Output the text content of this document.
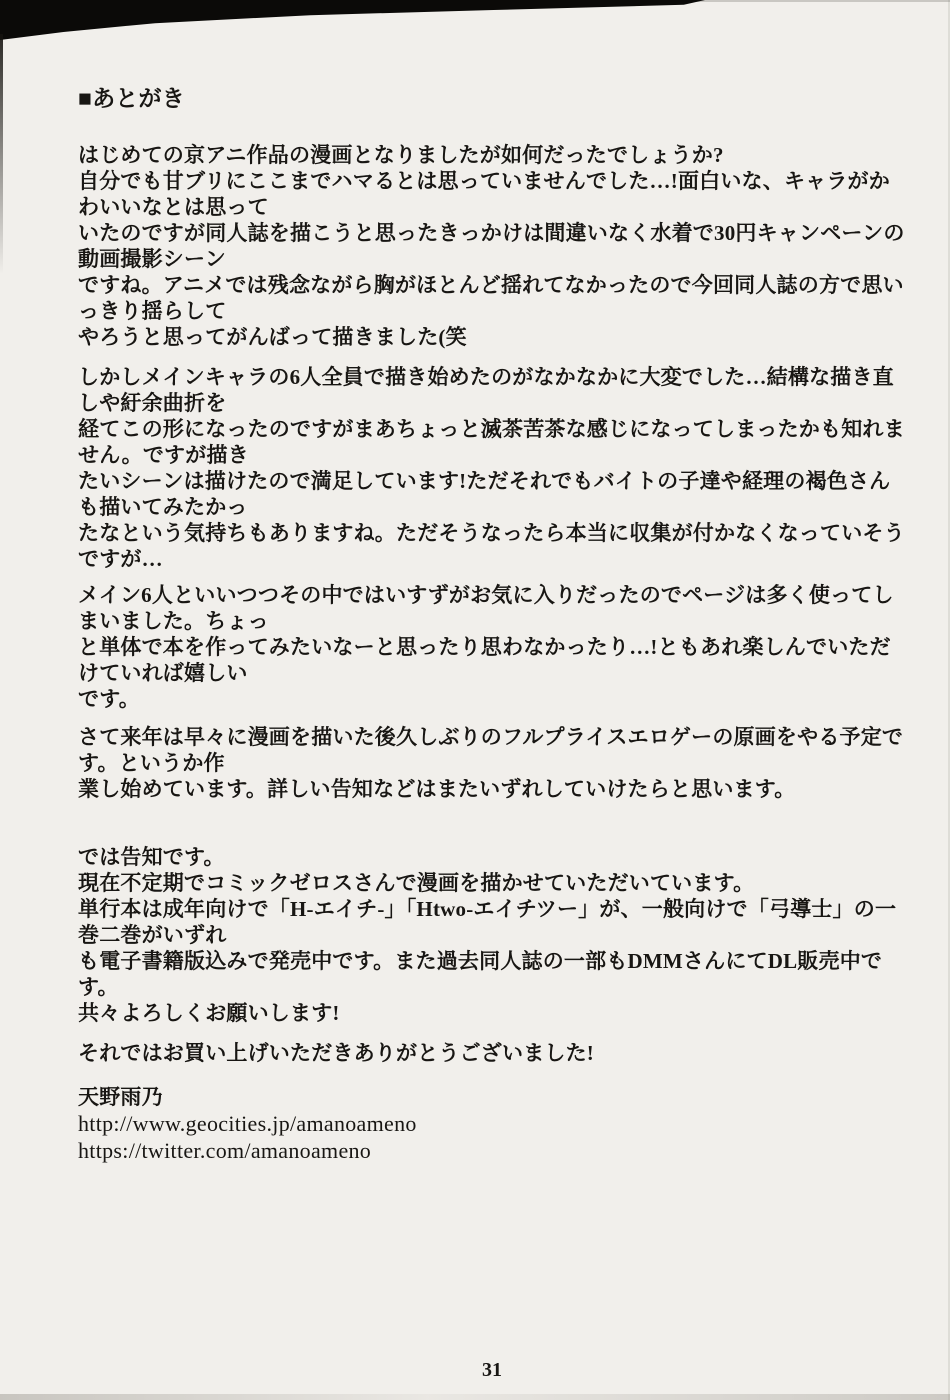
■あとがき
はじめての京アニ作品の漫画となりましたが如何だったでしょうか?
自分でも甘ブリにここまでハマるとは思っていませんでした…!面白いな、キャラがかわいいなとは思って
いたのですが同人誌を描こうと思ったきっかけは間違いなく水着で30円キャンペーンの動画撮影シーン
ですね。アニメでは残念ながら胸がほとんど揺れてなかったので今回同人誌の方で思いっきり揺らして
やろうと思ってがんばって描きました(笑
しかしメインキャラの6人全員で描き始めたのがなかなかに大変でした…結構な描き直しや紆余曲折を
経てこの形になったのですがまあちょっと滅茶苦茶な感じになってしまったかも知れません。ですが描き
たいシーンは描けたので満足しています!ただそれでもバイトの子達や経理の褐色さんも描いてみたかっ
たなという気持ちもありますね。ただそうなったら本当に収集が付かなくなっていそうですが…
メイン6人といいつつその中ではいすずがお気に入りだったのでページは多く使ってしまいました。ちょっ
と単体で本を作ってみたいなーと思ったり思わなかったり…!ともあれ楽しんでいただけていれば嬉しい
です。
さて来年は早々に漫画を描いた後久しぶりのフルプライスエロゲーの原画をやる予定です。というか作
業し始めています。詳しい告知などはまたいずれしていけたらと思います。
では告知です。
現在不定期でコミックゼロスさんで漫画を描かせていただいています。
単行本は成年向けで「H-エイチ-」「Htwo-エイチツー」が、一般向けで「弓導士」の一巻二巻がいずれ
も電子書籍版込みで発売中です。また過去同人誌の一部もDMMさんにてDL販売中です。
共々よろしくお願いします!
それではお買い上げいただきありがとうございました!
天野雨乃
http://www.geocities.jp/amanoameno
https://twitter.com/amanoameno
31
